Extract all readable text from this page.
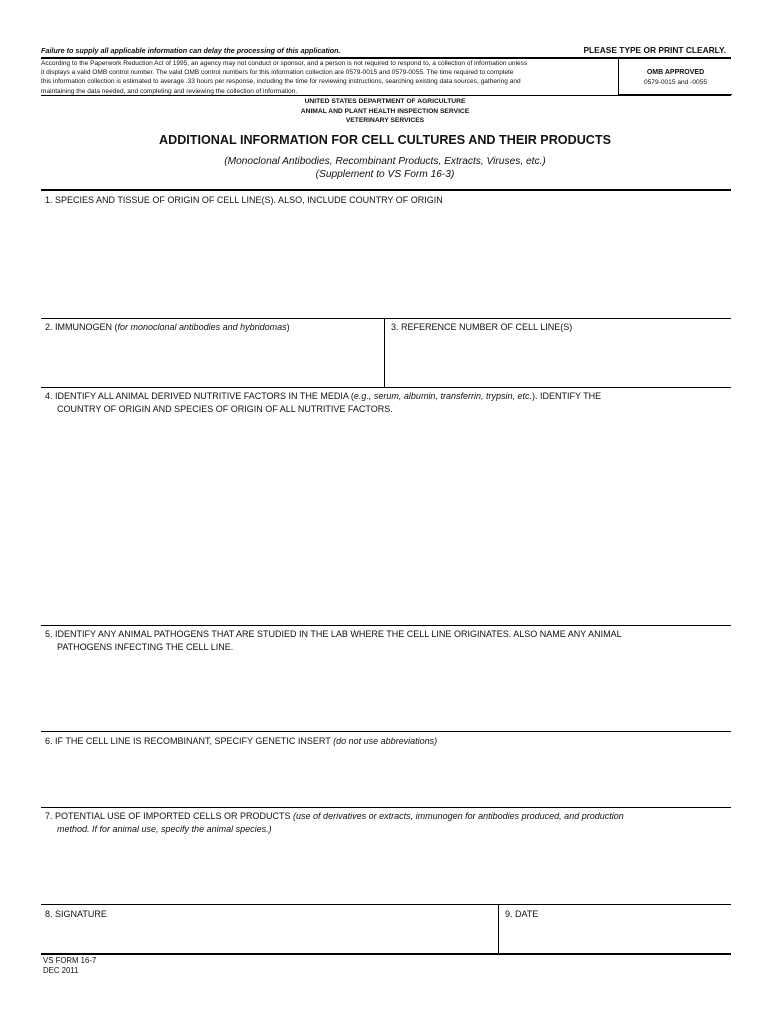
Failure to supply all applicable information can delay the processing of this application.	PLEASE TYPE OR PRINT CLEARLY.
According to the Paperwork Reduction Act of 1995, an agency may not conduct or sponsor, and a person is not required to respond to, a collection of information unless
it displays a valid OMB control number. The valid OMB control numbers for this information collection are 0579-0015 and 0579-0055. The time required to complete
this information collection is estimated to average .33 hours per response, including the time for reviewing instructions, searching existing data sources, gathering and
maintaining the data needed, and completing and reviewing the collection of information.
OMB APPROVED
0579-0015 and -0055
UNITED STATES DEPARTMENT OF AGRICULTURE
ANIMAL AND PLANT HEALTH INSPECTION SERVICE
VETERINARY SERVICES
ADDITIONAL INFORMATION FOR CELL CULTURES AND THEIR PRODUCTS
(Monoclonal Antibodies, Recombinant Products, Extracts, Viruses, etc.)
(Supplement to VS Form 16-3)
1. SPECIES AND TISSUE OF ORIGIN OF CELL LINE(S). ALSO, INCLUDE COUNTRY OF ORIGIN
2. IMMUNOGEN (for monoclonal antibodies and hybridomas)	3. REFERENCE NUMBER OF CELL LINE(S)
4. IDENTIFY ALL ANIMAL DERIVED NUTRITIVE FACTORS IN THE MEDIA (e.g., serum, albumin, transferrin, trypsin, etc.). IDENTIFY THE
COUNTRY OF ORIGIN AND SPECIES OF ORIGIN OF ALL NUTRITIVE FACTORS.
5. IDENTIFY ANY ANIMAL PATHOGENS THAT ARE STUDIED IN THE LAB WHERE THE CELL LINE ORIGINATES. ALSO NAME ANY ANIMAL
PATHOGENS INFECTING THE CELL LINE.
6. IF THE CELL LINE IS RECOMBINANT, SPECIFY GENETIC INSERT (do not use abbreviations)
7. POTENTIAL USE OF IMPORTED CELLS OR PRODUCTS (use of derivatives or extracts, immunogen for antibodies produced, and production
method. If for animal use, specify the animal species.)
8. SIGNATURE	9. DATE
VS FORM 16-7
DEC 2011
